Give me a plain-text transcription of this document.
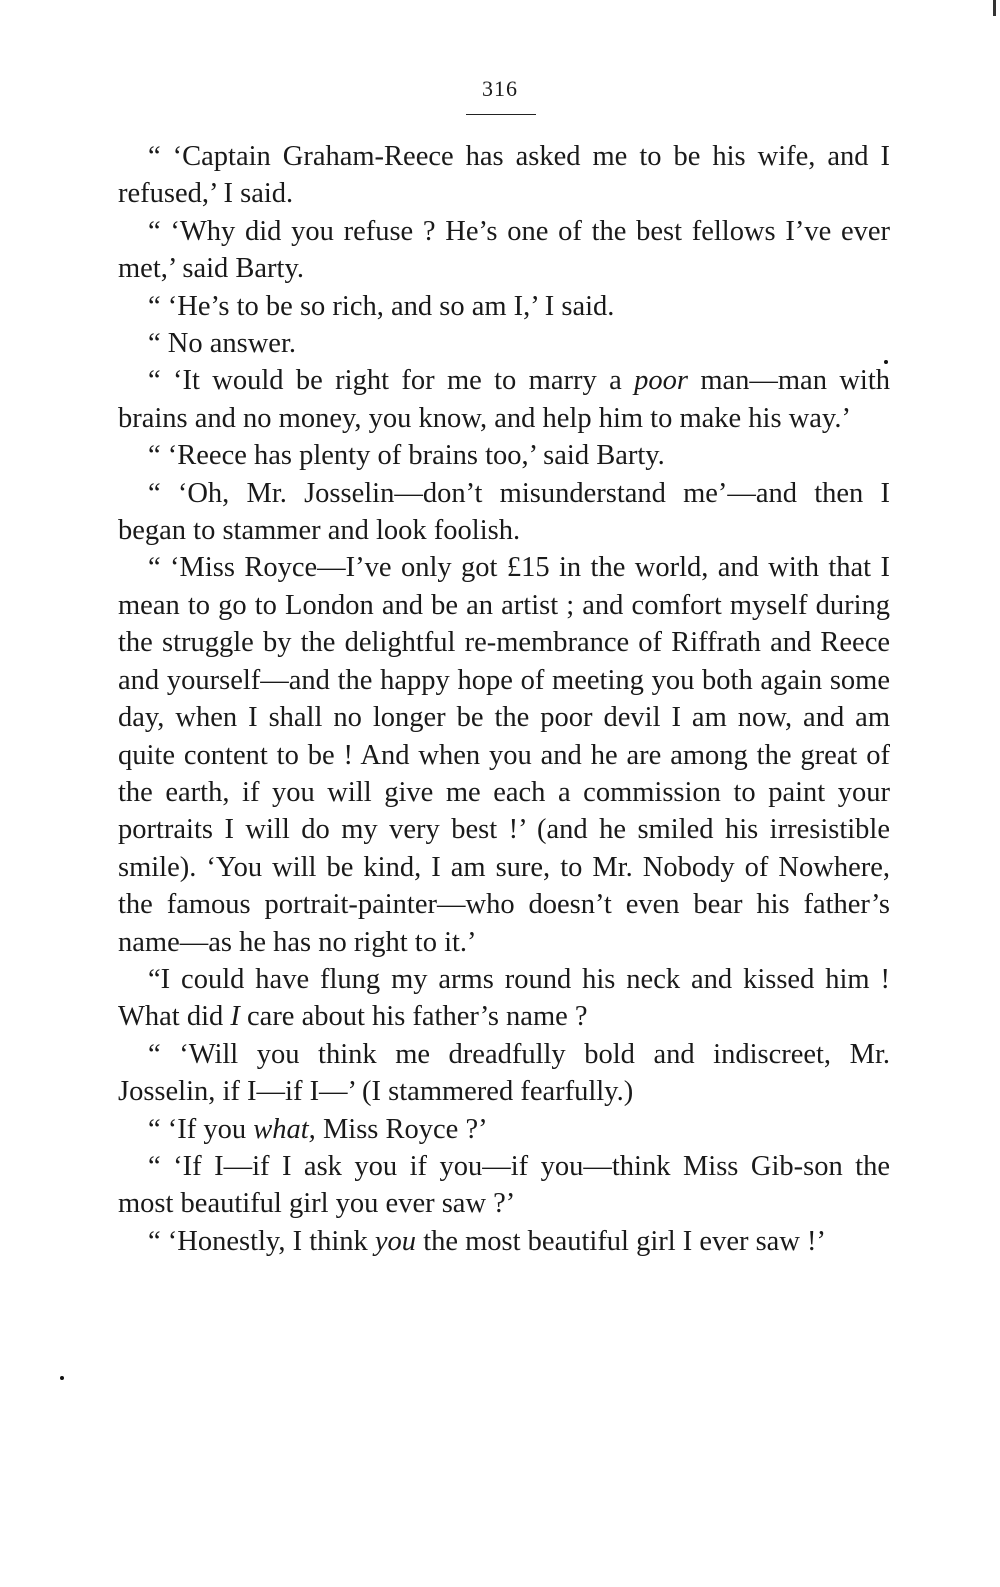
316

“ ‘Captain Graham-Reece has asked me to be his wife, and I refused,’ I said.

“ ‘Why did you refuse ? He’s one of the best fellows I’ve ever met,’ said Barty.

“ ‘He’s to be so rich, and so am I,’ I said.

“ No answer.

“ ‘It would be right for me to marry a poor man—man with brains and no money, you know, and help him to make his way.’

“ ‘Reece has plenty of brains too,’ said Barty.

“ ‘Oh, Mr. Josselin—don’t misunderstand me’—and then I began to stammer and look foolish.

“ ‘Miss Royce—I’ve only got £15 in the world, and with that I mean to go to London and be an artist ; and comfort myself during the struggle by the delightful re-membrance of Riffrath and Reece and yourself—and the happy hope of meeting you both again some day, when I shall no longer be the poor devil I am now, and am quite content to be ! And when you and he are among the great of the earth, if you will give me each a commission to paint your portraits I will do my very best !’ (and he smiled his irresistible smile). ‘You will be kind, I am sure, to Mr. Nobody of Nowhere, the famous portrait-painter—who doesn’t even bear his father’s name—as he has no right to it.’

“I could have flung my arms round his neck and kissed him ! What did I care about his father’s name ?

“ ‘Will you think me dreadfully bold and indiscreet, Mr. Josselin, if I—if I—’ (I stammered fearfully.)

“ ‘If you what, Miss Royce ?’

“ ‘If I—if I ask you if you—if you—think Miss Gib-son the most beautiful girl you ever saw ?’

“ ‘Honestly, I think you the most beautiful girl I ever saw !’
